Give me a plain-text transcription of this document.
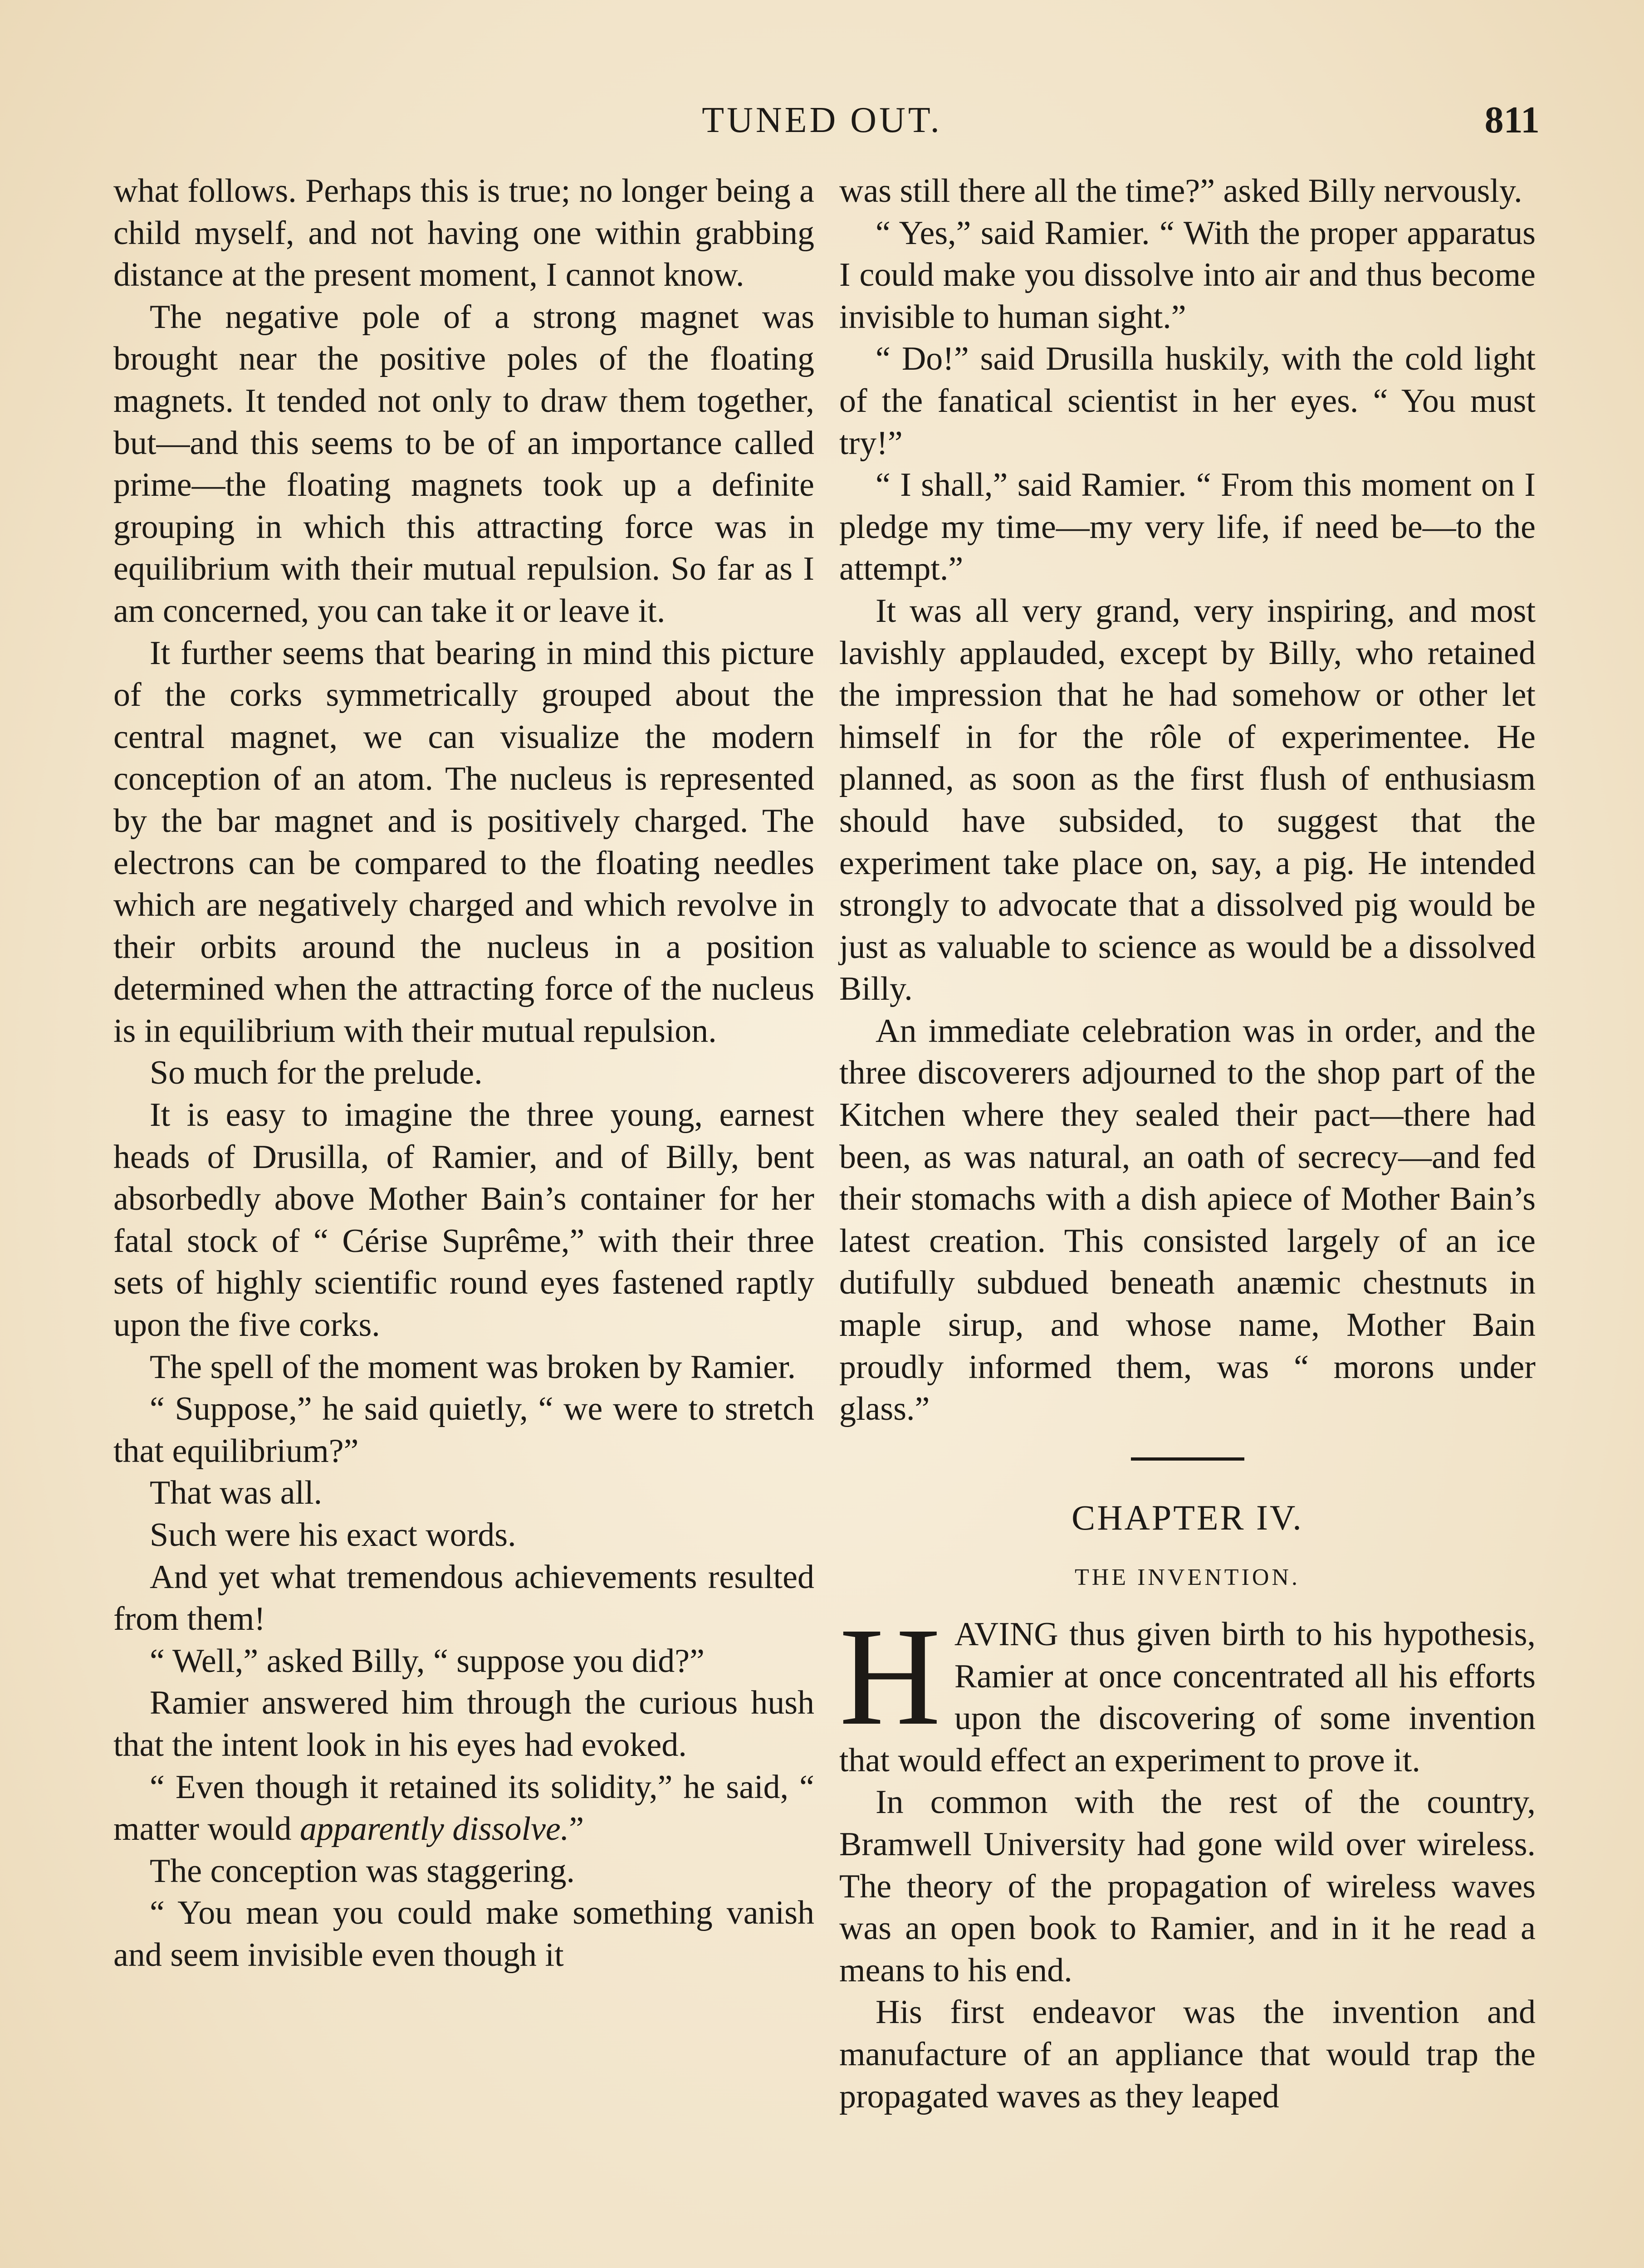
TUNED OUT.	811

what follows. Perhaps this is true; no longer being a child myself, and not having one within grabbing distance at the present moment, I cannot know.

The negative pole of a strong magnet was brought near the positive poles of the floating magnets. It tended not only to draw them together, but—and this seems to be of an importance called prime—the floating magnets took up a definite grouping in which this attracting force was in equilibrium with their mutual repulsion. So far as I am concerned, you can take it or leave it.

It further seems that bearing in mind this picture of the corks symmetrically grouped about the central magnet, we can visualize the modern conception of an atom. The nucleus is represented by the bar magnet and is positively charged. The electrons can be compared to the floating needles which are negatively charged and which revolve in their orbits around the nucleus in a position determined when the attracting force of the nucleus is in equilibrium with their mutual repulsion.

So much for the prelude.

It is easy to imagine the three young, earnest heads of Drusilla, of Ramier, and of Billy, bent absorbedly above Mother Bain’s container for her fatal stock of “ Cérise Suprême,” with their three sets of highly scientific round eyes fastened raptly upon the five corks.

The spell of the moment was broken by Ramier.

“ Suppose,” he said quietly, “ we were to stretch that equilibrium?”

That was all.

Such were his exact words.

And yet what tremendous achievements resulted from them!

“ Well,” asked Billy, “ suppose you did?”

Ramier answered him through the curious hush that the intent look in his eyes had evoked.

“ Even though it retained its solidity,” he said, “ matter would apparently dissolve.”

The conception was staggering.

“ You mean you could make something vanish and seem invisible even though it

was still there all the time?” asked Billy nervously.

“ Yes,” said Ramier. “ With the proper apparatus I could make you dissolve into air and thus become invisible to human sight.”

“ Do!” said Drusilla huskily, with the cold light of the fanatical scientist in her eyes. “ You must try!”

“ I shall,” said Ramier. “ From this moment on I pledge my time—my very life, if need be—to the attempt.”

It was all very grand, very inspiring, and most lavishly applauded, except by Billy, who retained the impression that he had somehow or other let himself in for the rôle of experimentee. He planned, as soon as the first flush of enthusiasm should have subsided, to suggest that the experiment take place on, say, a pig. He intended strongly to advocate that a dissolved pig would be just as valuable to science as would be a dissolved Billy.

An immediate celebration was in order, and the three discoverers adjourned to the shop part of the Kitchen where they sealed their pact—there had been, as was natural, an oath of secrecy—and fed their stomachs with a dish apiece of Mother Bain’s latest creation. This consisted largely of an ice dutifully subdued beneath anæmic chestnuts in maple sirup, and whose name, Mother Bain proudly informed them, was “ morons under glass.”

CHAPTER IV.
THE INVENTION.

HAVING thus given birth to his hypothesis, Ramier at once concentrated all his efforts upon the discovering of some invention that would effect an experiment to prove it.

In common with the rest of the country, Bramwell University had gone wild over wireless. The theory of the propagation of wireless waves was an open book to Ramier, and in it he read a means to his end.

His first endeavor was the invention and manufacture of an appliance that would trap the propagated waves as they leaped
